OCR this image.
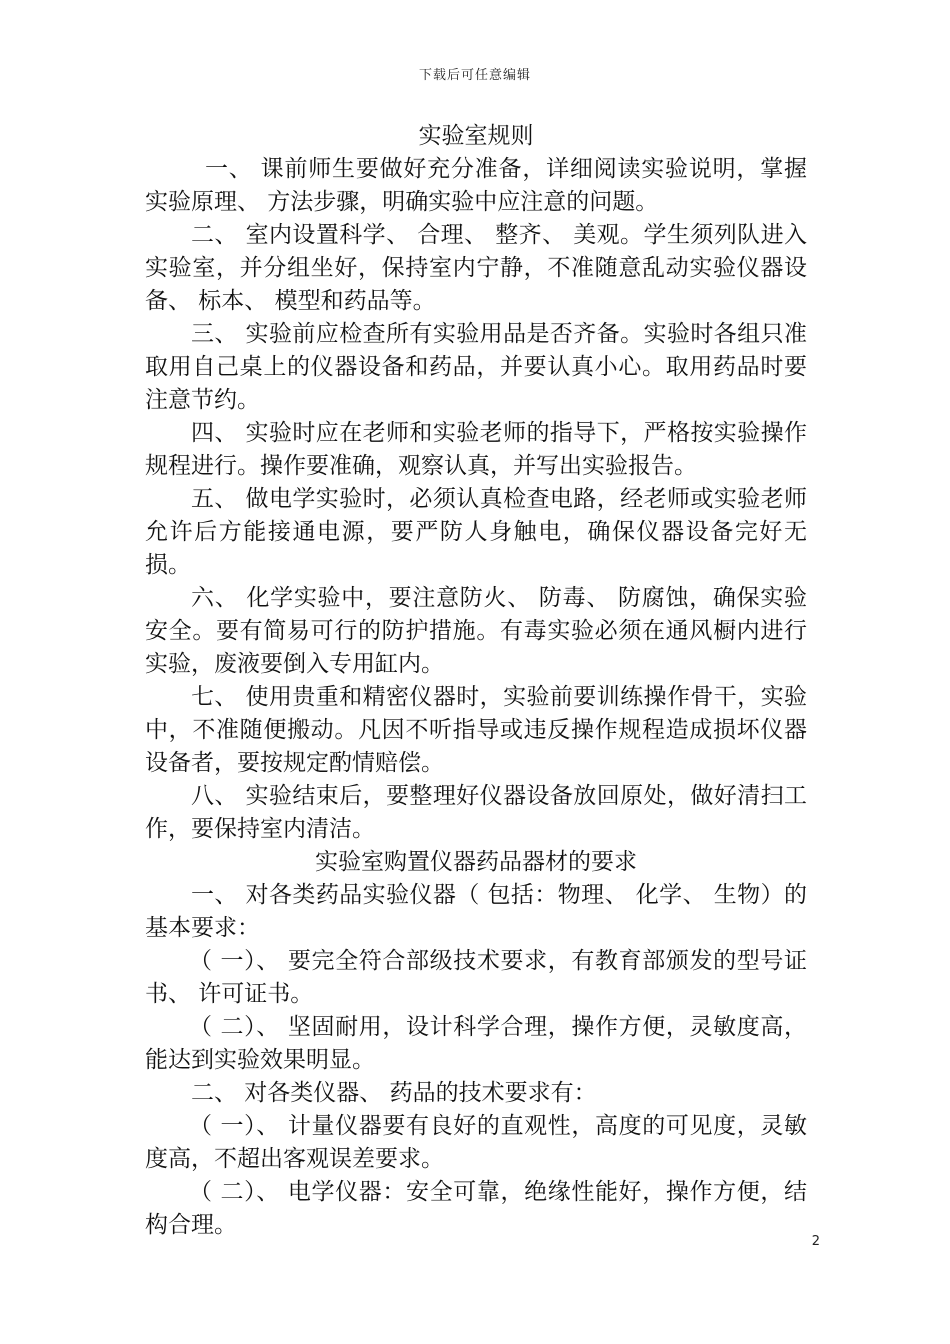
下载后可任意编辑

实验室规则

一、 课前师生要做好充分准备，详细阅读实验说明，掌握实验原理、 方法步骤，明确实验中应注意的问题。

二、 室内设置科学、 合理、 整齐、 美观。学生须列队进入实验室，并分组坐好，保持室内宁静，不准随意乱动实验仪器设备、 标本、 模型和药品等。

三、 实验前应检查所有实验用品是否齐备。实验时各组只准取用自己桌上的仪器设备和药品，并要认真小心。取用药品时要注意节约。

四、 实验时应在老师和实验老师的指导下，严格按实验操作规程进行。操作要准确，观察认真，并写出实验报告。

五、 做电学实验时，必须认真检查电路，经老师或实验老师允许后方能接通电源，要严防人身触电，确保仪器设备完好无损。

六、 化学实验中，要注意防火、 防毒、 防腐蚀，确保实验安全。要有简易可行的防护措施。有毒实验必须在通风橱内进行实验，废液要倒入专用缸内。

七、 使用贵重和精密仪器时，实验前要训练操作骨干，实验中，不准随便搬动。凡因不听指导或违反操作规程造成损坏仪器设备者，要按规定酌情赔偿。

八、 实验结束后，要整理好仪器设备放回原处，做好清扫工作，要保持室内清洁。

实验室购置仪器药品器材的要求

一、 对各类药品实验仪器（ 包括：物理、 化学、 生物）的基本要求：

（ 一）、 要完全符合部级技术要求，有教育部颁发的型号证书、 许可证书。

（ 二）、 坚固耐用，设计科学合理，操作方便，灵敏度高，能达到实验效果明显。

二、 对各类仪器、 药品的技术要求有：

（ 一）、 计量仪器要有良好的直观性，高度的可见度，灵敏度高，不超出客观误差要求。

（ 二）、 电学仪器：安全可靠，绝缘性能好，操作方便，结构合理。

2
